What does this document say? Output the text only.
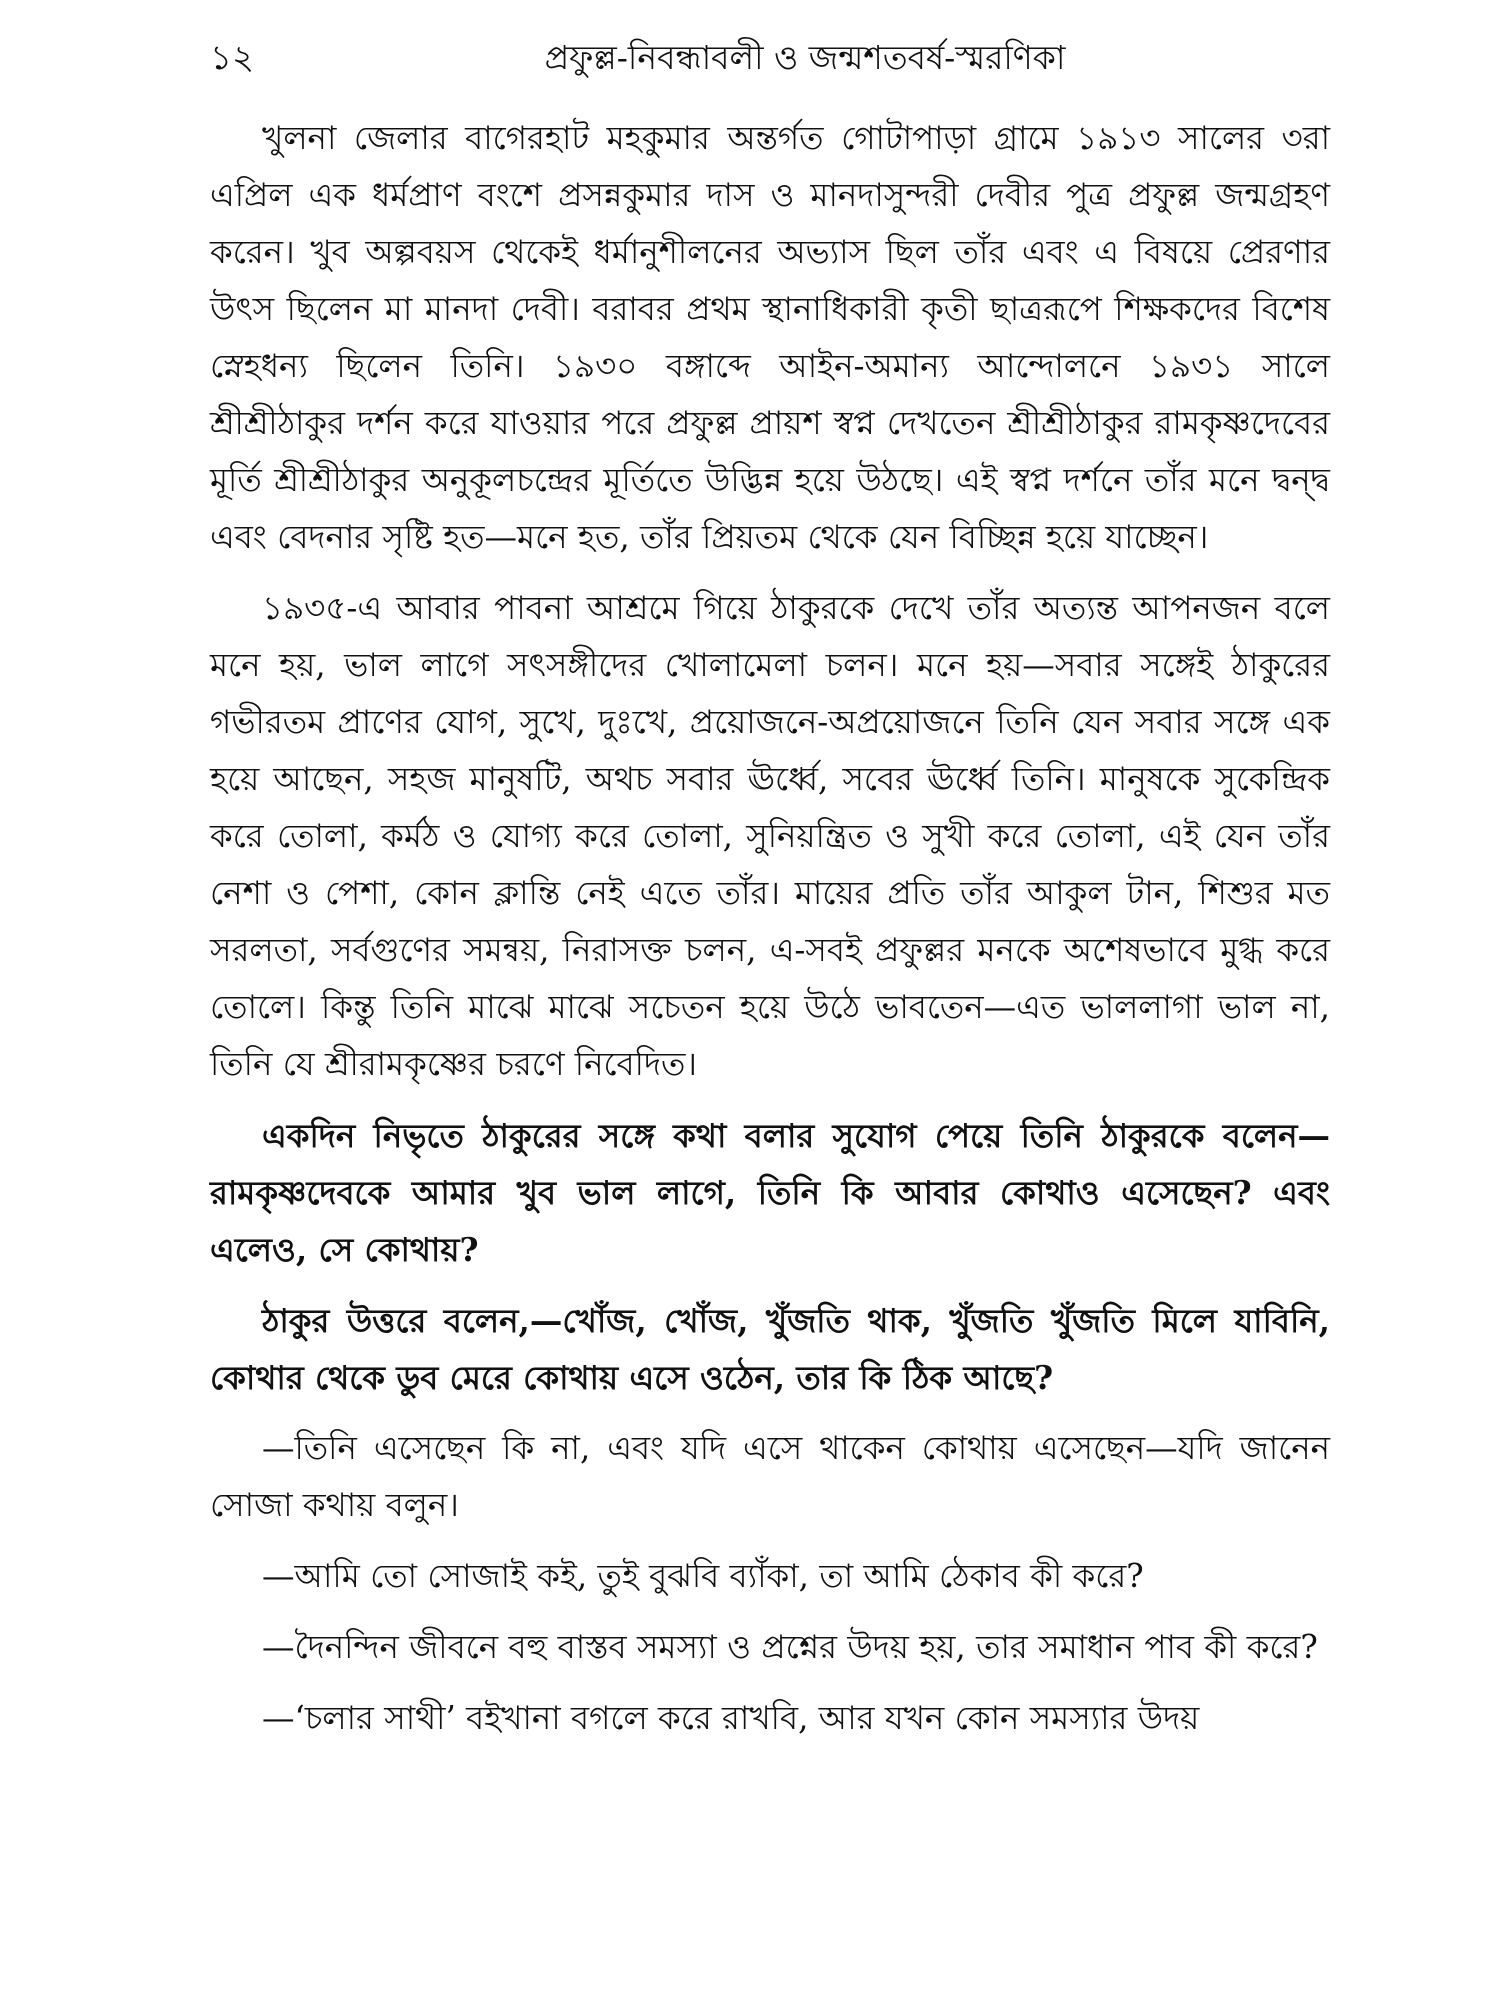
১২	প্রফুল্ল-নিবন্ধাবলী ও জন্মশতবর্ষ-স্মরণিকা

খুলনা জেলার বাগেরহাট মহকুমার অন্তর্গত গোটাপাড়া গ্রামে ১৯১৩ সালের ৩রা এপ্রিল এক ধর্মপ্রাণ বংশে প্রসন্নকুমার দাস ও মানদাসুন্দরী দেবীর পুত্র প্রফুল্ল জন্মগ্রহণ করেন। খুব অল্পবয়স থেকেই ধর্মানুশীলনের অভ্যাস ছিল তাঁর এবং এ বিষয়ে প্রেরণার উৎস ছিলেন মা মানদা দেবী। বরাবর প্রথম স্থানাধিকারী কৃতী ছাত্ররূপে শিক্ষকদের বিশেষ স্নেহধন্য ছিলেন তিনি। ১৯৩০ বঙ্গাব্দে আইন-অমান্য আন্দোলনে ১৯৩১ সালে শ্রীশ্রীঠাকুর দর্শন করে যাওয়ার পরে প্রফুল্ল প্রায়শ স্বপ্ন দেখতেন শ্রীশ্রীঠাকুর রামকৃষ্ণদেবের মূর্তি শ্রীশ্রীঠাকুর অনুকূলচন্দ্রের মূর্তিতে উদ্ভিন্ন হয়ে উঠছে। এই স্বপ্ন দর্শনে তাঁর মনে দ্বন্দ্ব এবং বেদনার সৃষ্টি হত—মনে হত, তাঁর প্রিয়তম থেকে যেন বিচ্ছিন্ন হয়ে যাচ্ছেন।

১৯৩৫-এ আবার পাবনা আশ্রমে গিয়ে ঠাকুরকে দেখে তাঁর অত্যন্ত আপনজন বলে মনে হয়, ভাল লাগে সৎসঙ্গীদের খোলামেলা চলন। মনে হয়—সবার সঙ্গেই ঠাকুরের গভীরতম প্রাণের যোগ, সুখে, দুঃখে, প্রয়োজনে-অপ্রয়োজনে তিনি যেন সবার সঙ্গে এক হয়ে আছেন, সহজ মানুষটি, অথচ সবার ঊর্ধ্বে, সবের ঊর্ধ্বে তিনি। মানুষকে সুকেন্দ্রিক করে তোলা, কর্মঠ ও যোগ্য করে তোলা, সুনিয়ন্ত্রিত ও সুখী করে তোলা, এই যেন তাঁর নেশা ও পেশা, কোন ক্লান্তি নেই এতে তাঁর। মায়ের প্রতি তাঁর আকুল টান, শিশুর মত সরলতা, সর্বগুণের সমন্বয়, নিরাসক্ত চলন, এ-সবই প্রফুল্লর মনকে অশেষভাবে মুগ্ধ করে তোলে। কিন্তু তিনি মাঝে মাঝে সচেতন হয়ে উঠে ভাবতেন—এত ভাললাগা ভাল না, তিনি যে শ্রীরামকৃষ্ণের চরণে নিবেদিত।

একদিন নিভৃতে ঠাকুরের সঙ্গে কথা বলার সুযোগ পেয়ে তিনি ঠাকুরকে বলেন— রামকৃষ্ণদেবকে আমার খুব ভাল লাগে, তিনি কি আবার কোথাও এসেছেন? এবং এলেও, সে কোথায়?

ঠাকুর উত্তরে বলেন,—খোঁজ, খোঁজ, খুঁজতি থাক, খুঁজতি খুঁজতি মিলে যাবিনি, কোথার থেকে ডুব মেরে কোথায় এসে ওঠেন, তার কি ঠিক আছে?

—তিনি এসেছেন কি না, এবং যদি এসে থাকেন কোথায় এসেছেন—যদি জানেন সোজা কথায় বলুন।

—আমি তো সোজাই কই, তুই বুঝবি ব্যাঁকা, তা আমি ঠেকাব কী করে?

—দৈনন্দিন জীবনে বহু বাস্তব সমস্যা ও প্রশ্নের উদয় হয়, তার সমাধান পাব কী করে?

—‘চলার সাথী’ বইখানা বগলে করে রাখবি, আর যখন কোন সমস্যার উদয়
